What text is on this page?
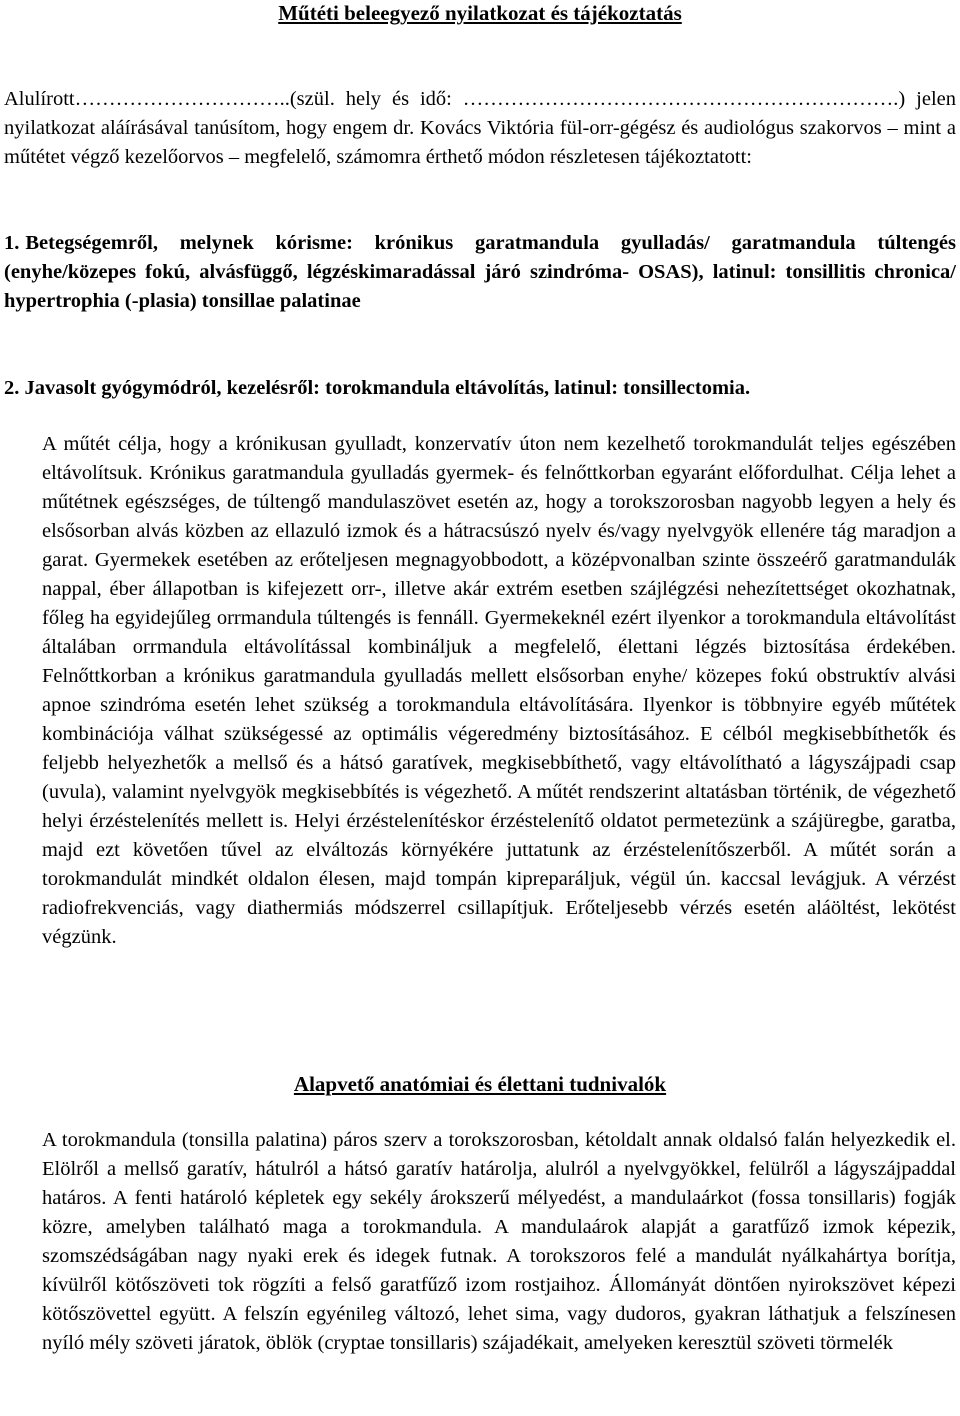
Műtéti beleegyező nyilatkozat és tájékoztatás

Alulírott…………………………..(szül. hely és idő: ……………………………………………………….) jelen nyilatkozat aláírásával tanúsítom, hogy engem dr. Kovács Viktória fül-orr-gégész és audiológus szakorvos – mint a műtétet végző kezelőorvos – megfelelő, számomra érthető módon részletesen tájékoztatott:

1. Betegségemről, melynek kórisme: krónikus garatmandula gyulladás/ garatmandula túltengés (enyhe/közepes fokú, alvásfüggő, légzéskimaradással járó szindróma- OSAS), latinul: tonsillitis chronica/ hypertrophia (-plasia) tonsillae palatinae

2. Javasolt gyógymódról, kezelésről: torokmandula eltávolítás, latinul: tonsillectomia.

A műtét célja, hogy a krónikusan gyulladt, konzervatív úton nem kezelhető torokmandulát teljes egészében eltávolítsuk. Krónikus garatmandula gyulladás gyermek- és felnőttkorban egyaránt előfordulhat. Célja lehet a műtétnek egészséges, de túltengő mandulaszövet esetén az, hogy a torokszorosban nagyobb legyen a hely és elsősorban alvás közben az ellazuló izmok és a hátracsúszó nyelv és/vagy nyelvgyök ellenére tág maradjon a garat. Gyermekek esetében az erőteljesen megnagyobbodott, a középvonalban szinte összeérő garatmandulák nappal, éber állapotban is kifejezett orr-, illetve akár extrém esetben szájlégzési nehezítettséget okozhatnak, főleg ha egyidejűleg orrmandula túltengés is fennáll. Gyermekeknél ezért ilyenkor a torokmandula eltávolítást általában orrmandula eltávolítással kombináljuk a megfelelő, élettani légzés biztosítása érdekében. Felnőttkorban a krónikus garatmandula gyulladás mellett elsősorban enyhe/ közepes fokú obstruktív alvási apnoe szindróma esetén lehet szükség a torokmandula eltávolítására. Ilyenkor is többnyire egyéb műtétek kombinációja válhat szükségessé az optimális végeredmény biztosításához. E célból megkisebbíthetők és feljebb helyezhetők a mellső és a hátsó garatívek, megkisebbíthető, vagy eltávolítható a lágyszájpadi csap (uvula), valamint nyelvgyök megkisebbítés is végezhető. A műtét rendszerint altatásban történik, de végezhető helyi érzéstelenítés mellett is. Helyi érzéstelenítéskor érzéstelenítő oldatot permetezünk a szájüregbe, garatba, majd ezt követően tűvel az elváltozás környékére juttatunk az érzéstelenítőszerből. A műtét során a torokmandulát mindkét oldalon élesen, majd tompán kipreparáljuk, végül ún. kaccsal levágjuk. A vérzést radiofrekvenciás, vagy diathermiás módszerrel csillapítjuk. Erőteljesebb vérzés esetén aláöltést, lekötést végzünk.

Alapvető anatómiai és élettani tudnivalók

A torokmandula (tonsilla palatina) páros szerv a torokszorosban, kétoldalt annak oldalsó falán helyezkedik el. Elölről a mellső garatív, hátulról a hátsó garatív határolja, alulról a nyelvgyökkel, felülről a lágyszájpaddal határos. A fenti határoló képletek egy sekély árokszerű mélyedést, a mandulaárkot (fossa tonsillaris) fogják közre, amelyben található maga a torokmandula. A mandulaárok alapját a garatfűző izmok képezik, szomszédságában nagy nyaki erek és idegek futnak. A torokszoros felé a mandulát nyálkahártya borítja, kívülről kötőszöveti tok rögzíti a felső garatfűző izom rostjaihoz. Állományát döntően nyirokszövet képezi kötőszövettel együtt. A felszín egyénileg változó, lehet sima, vagy dudoros, gyakran láthatjuk a felszínesen nyíló mély szöveti járatok, öblök (cryptae tonsillaris) szájadékait, amelyeken keresztül szöveti törmelék
